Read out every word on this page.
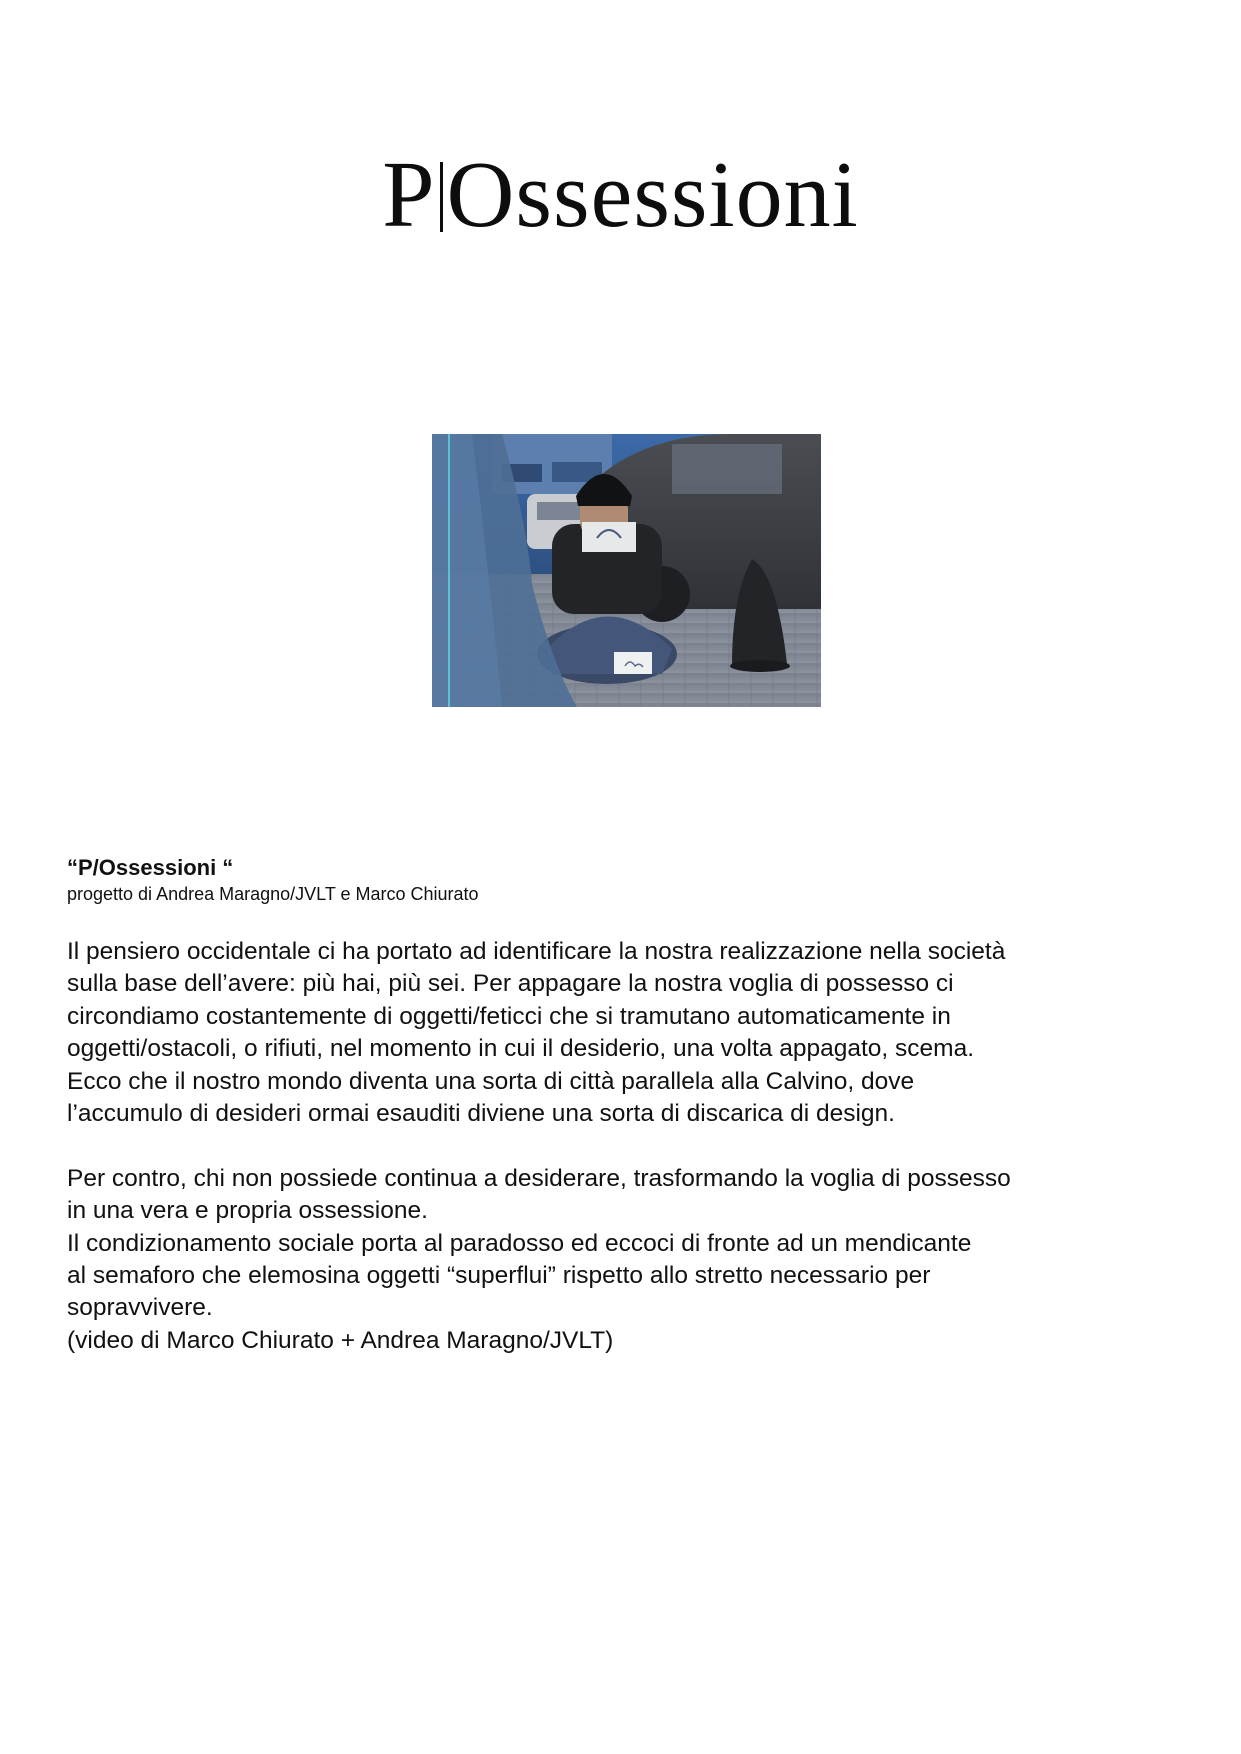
P Ossessioni

“P/Ossessioni “

progetto di Andrea Maragno/JVLT e Marco Chiurato

Il pensiero occidentale ci ha portato ad identificare la nostra realizzazione nella società
sulla base dell’avere: più hai, più sei. Per appagare la nostra voglia di possesso ci
circondiamo costantemente di oggetti/feticci che si tramutano automaticamente in
oggetti/ostacoli, o rifiuti, nel momento in cui il desiderio, una volta appagato, scema.
Ecco che il nostro mondo diventa una sorta di città parallela alla Calvino, dove
l’accumulo di desideri ormai esauditi diviene una sorta di discarica di design.

Per contro, chi non possiede continua a desiderare, trasformando la voglia di possesso
in una vera e propria ossessione.
Il condizionamento sociale porta al paradosso ed eccoci di fronte ad un mendicante
al semaforo che elemosina oggetti “superflui” rispetto allo stretto necessario per
sopravvivere.
(video di Marco Chiurato + Andrea Maragno/JVLT)
